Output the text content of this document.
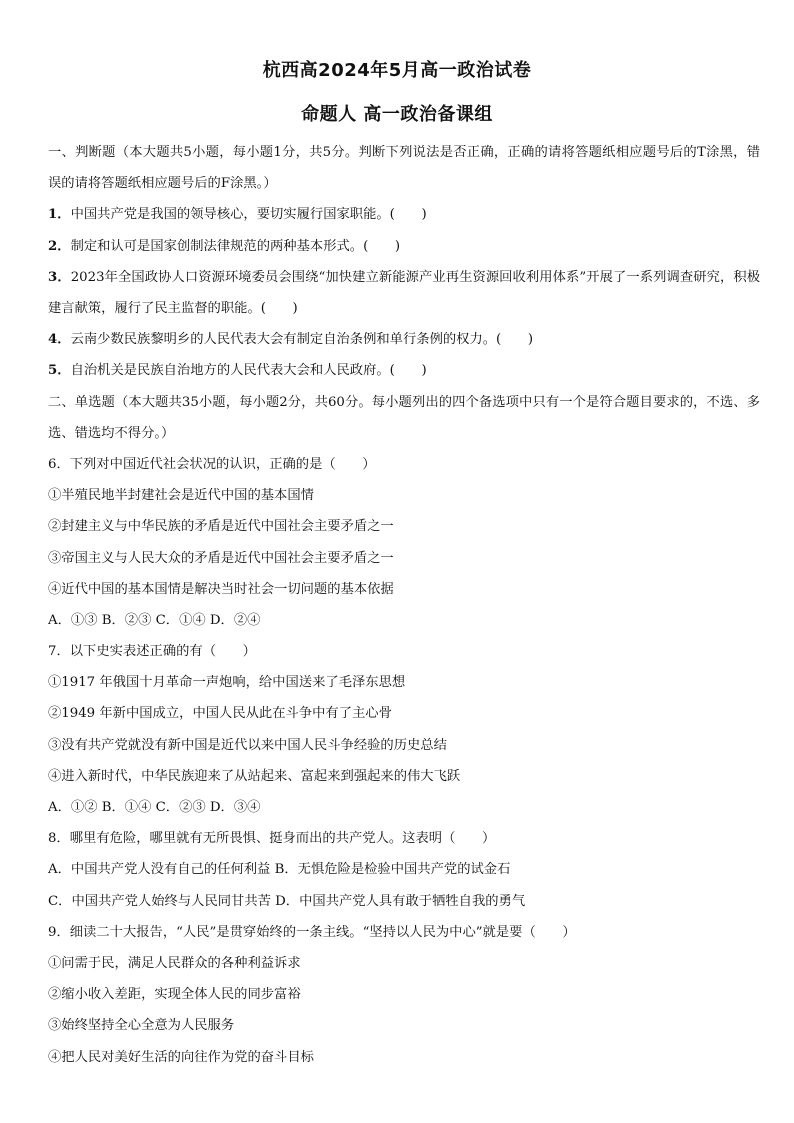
杭西高2024年5月高一政治试卷
命题人 高一政治备课组
一、判断题（本大题共5小题，每小题1分，共5分。判断下列说法是否正确，正确的请将答题纸相应题号后的T涂黑，错误的请将答题纸相应题号后的F涂黑。）
1．中国共产党是我国的领导核心，要切实履行国家职能。(　　)
2．制定和认可是国家创制法律规范的两种基本形式。(　　)
3．2023年全国政协人口资源环境委员会围绕“加快建立新能源产业再生资源回收利用体系”开展了一系列调查研究，积极建言献策，履行了民主监督的职能。(　　)
4．云南少数民族黎明乡的人民代表大会有制定自治条例和单行条例的权力。(　　)
5．自治机关是民族自治地方的人民代表大会和人民政府。(　　)
二、单选题（本大题共35小题，每小题2分，共60分。每小题列出的四个备选项中只有一个是符合题目要求的，不选、多选、错选均不得分。）
6．下列对中国近代社会状况的认识，正确的是（　　）
①半殖民地半封建社会是近代中国的基本国情
②封建主义与中华民族的矛盾是近代中国社会主要矛盾之一
③帝国主义与人民大众的矛盾是近代中国社会主要矛盾之一
④近代中国的基本国情是解决当时社会一切问题的基本依据
A．①③ B．②③ C．①④ D．②④
7．以下史实表述正确的有（　　）
①1917 年俄国十月革命一声炮响，给中国送来了毛泽东思想
②1949 年新中国成立，中国人民从此在斗争中有了主心骨
③没有共产党就没有新中国是近代以来中国人民斗争经验的历史总结
④进入新时代，中华民族迎来了从站起来、富起来到强起来的伟大飞跃
A．①② B．①④ C．②③ D．③④
8．哪里有危险，哪里就有无所畏惧、挺身而出的共产党人。这表明（　　）
A．中国共产党人没有自己的任何利益 B．无惧危险是检验中国共产党的试金石
C．中国共产党人始终与人民同甘共苦 D．中国共产党人具有敢于牺牲自我的勇气
9．细读二十大报告，“人民”是贯穿始终的一条主线。“坚持以人民为中心”就是要（　　）
①问需于民，满足人民群众的各种利益诉求
②缩小收入差距，实现全体人民的同步富裕
③始终坚持全心全意为人民服务
④把人民对美好生活的向往作为党的奋斗目标
